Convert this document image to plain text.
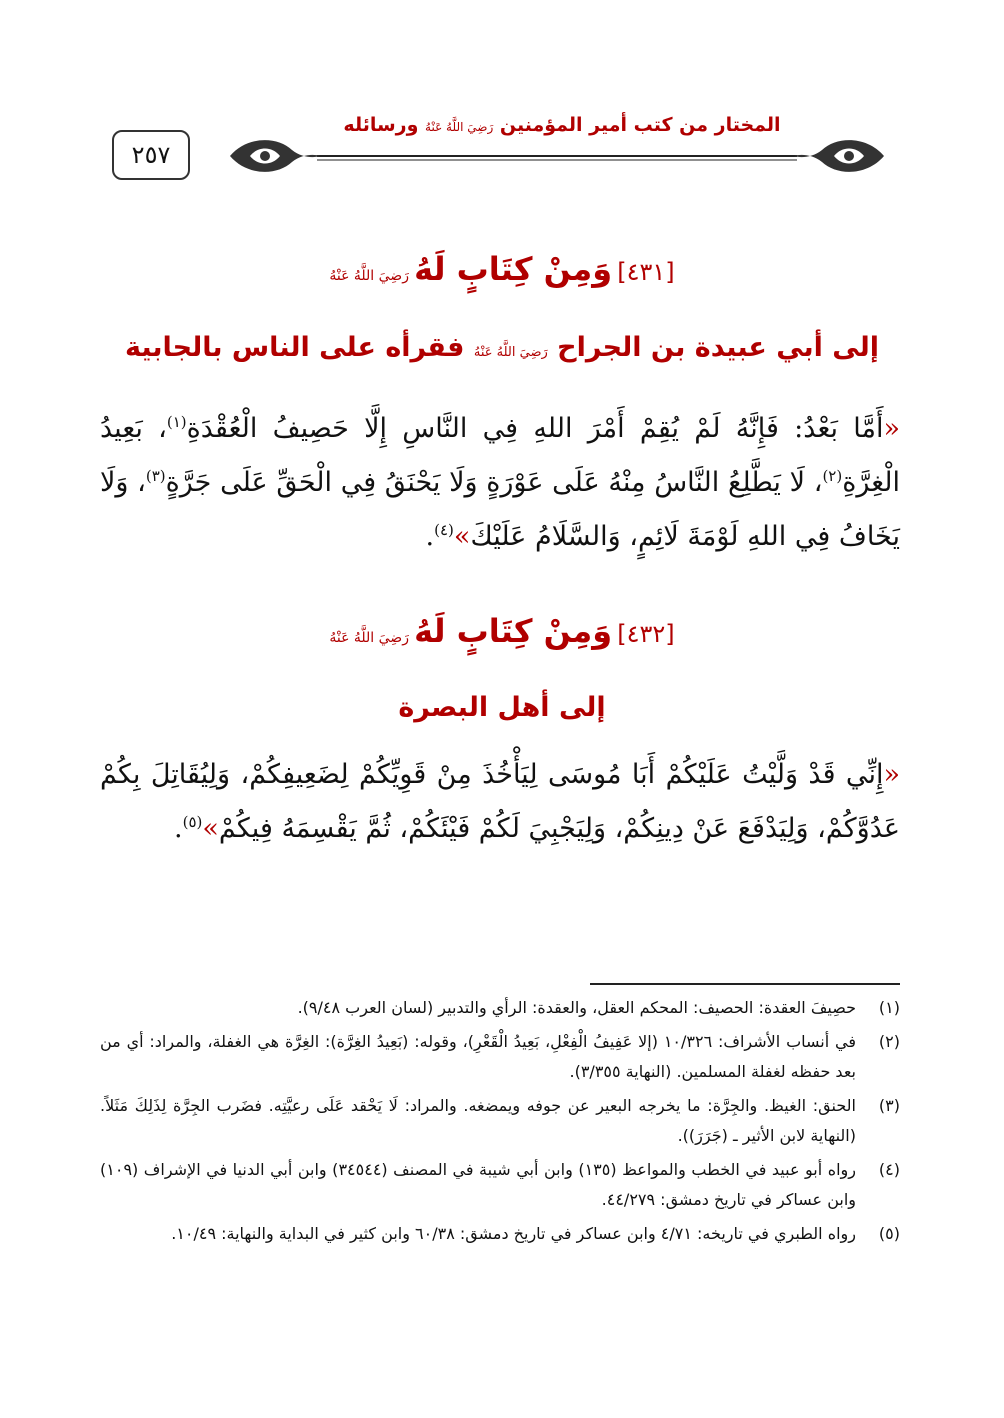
٢٥٧
المختار من كتب أمير المؤمنين رَضِيَ اللَّهُ عَنْهُ ورسائله
[٤٣١] وَمِنْ كِتَابٍ لَهُ رَضِيَ اللَّهُ عَنْهُ
إلى أبي عبيدة بن الجراح رَضِيَ اللَّهُ عَنْهُ فقرأه على الناس بالجابية
«أَمَّا بَعْدُ: فَإِنَّهُ لَمْ يُقِمْ أَمْرَ اللهِ فِي النَّاسِ إِلَّا حَصِيفُ الْعُقْدَةِ$^{(١)}$، بَعِيدُ الْغِرَّةِ$^{(٢)}$، لَا يَطَّلِعُ النَّاسُ مِنْهُ عَلَى عَوْرَةٍ وَلَا يَحْنَقُ فِي الْحَقِّ عَلَى جَرَّةٍ$^{(٣)}$، وَلَا يَخَافُ فِي اللهِ لَوْمَةَ لَائِمٍ، وَالسَّلَامُ عَلَيْكَ»$^{(٤)}$.
[٤٣٢] وَمِنْ كِتَابٍ لَهُ رَضِيَ اللَّهُ عَنْهُ
إلى أهل البصرة
«إِنِّي قَدْ وَلَّيْتُ عَلَيْكُمْ أَبَا مُوسَى لِيَأْخُذَ مِنْ قَوِيِّكُمْ لِضَعِيفِكُمْ، وَلِيُقَاتِلَ بِكُمْ عَدُوَّكُمْ، وَلِيَدْفَعَ عَنْ دِينِكُمْ، وَلِيَجْبِيَ لَكُمْ فَيْئَكُمْ، ثُمَّ يَقْسِمَهُ فِيكُمْ»$^{(٥)}$.
(١)
حصِيفَ العقدة: الحصيف: المحكم العقل، والعقدة: الرأي والتدبير (لسان العرب ٩/٤٨).
(٢)
في أنساب الأشراف: ١٠/٣٢٦ (إلا عَفِيفُ الْفِعْلِ، بَعِيدُ الْقَعْرِ)، وقوله: (بَعِيدُ الغِرَّة): الغِرَّة هي الغفلة، والمراد: أي من بعد حفظه لغفلة المسلمين. (النهاية ٣/٣٥٥).
(٣)
الحنق: الغيظ. والجِرَّة: ما يخرجه البعير عن جوفه ويمضغه. والمراد: لَا يَحْقد عَلَى رعيَّتِه. فضَرب الجِرَّة لِذَلِكَ مَثَلاً. (النهاية لابن الأثير ـ (جَرَرَ)).
(٤)
رواه أبو عبيد في الخطب والمواعظ (١٣٥) وابن أبي شيبة في المصنف (٣٤٥٤٤) وابن أبي الدنيا في الإشراف (١٠٩) وابن عساكر في تاريخ دمشق: ٤٤/٢٧٩.
(٥)
رواه الطبري في تاريخه: ٤/٧١ وابن عساكر في تاريخ دمشق: ٦٠/٣٨ وابن كثير في البداية والنهاية: ١٠/٤٩.
